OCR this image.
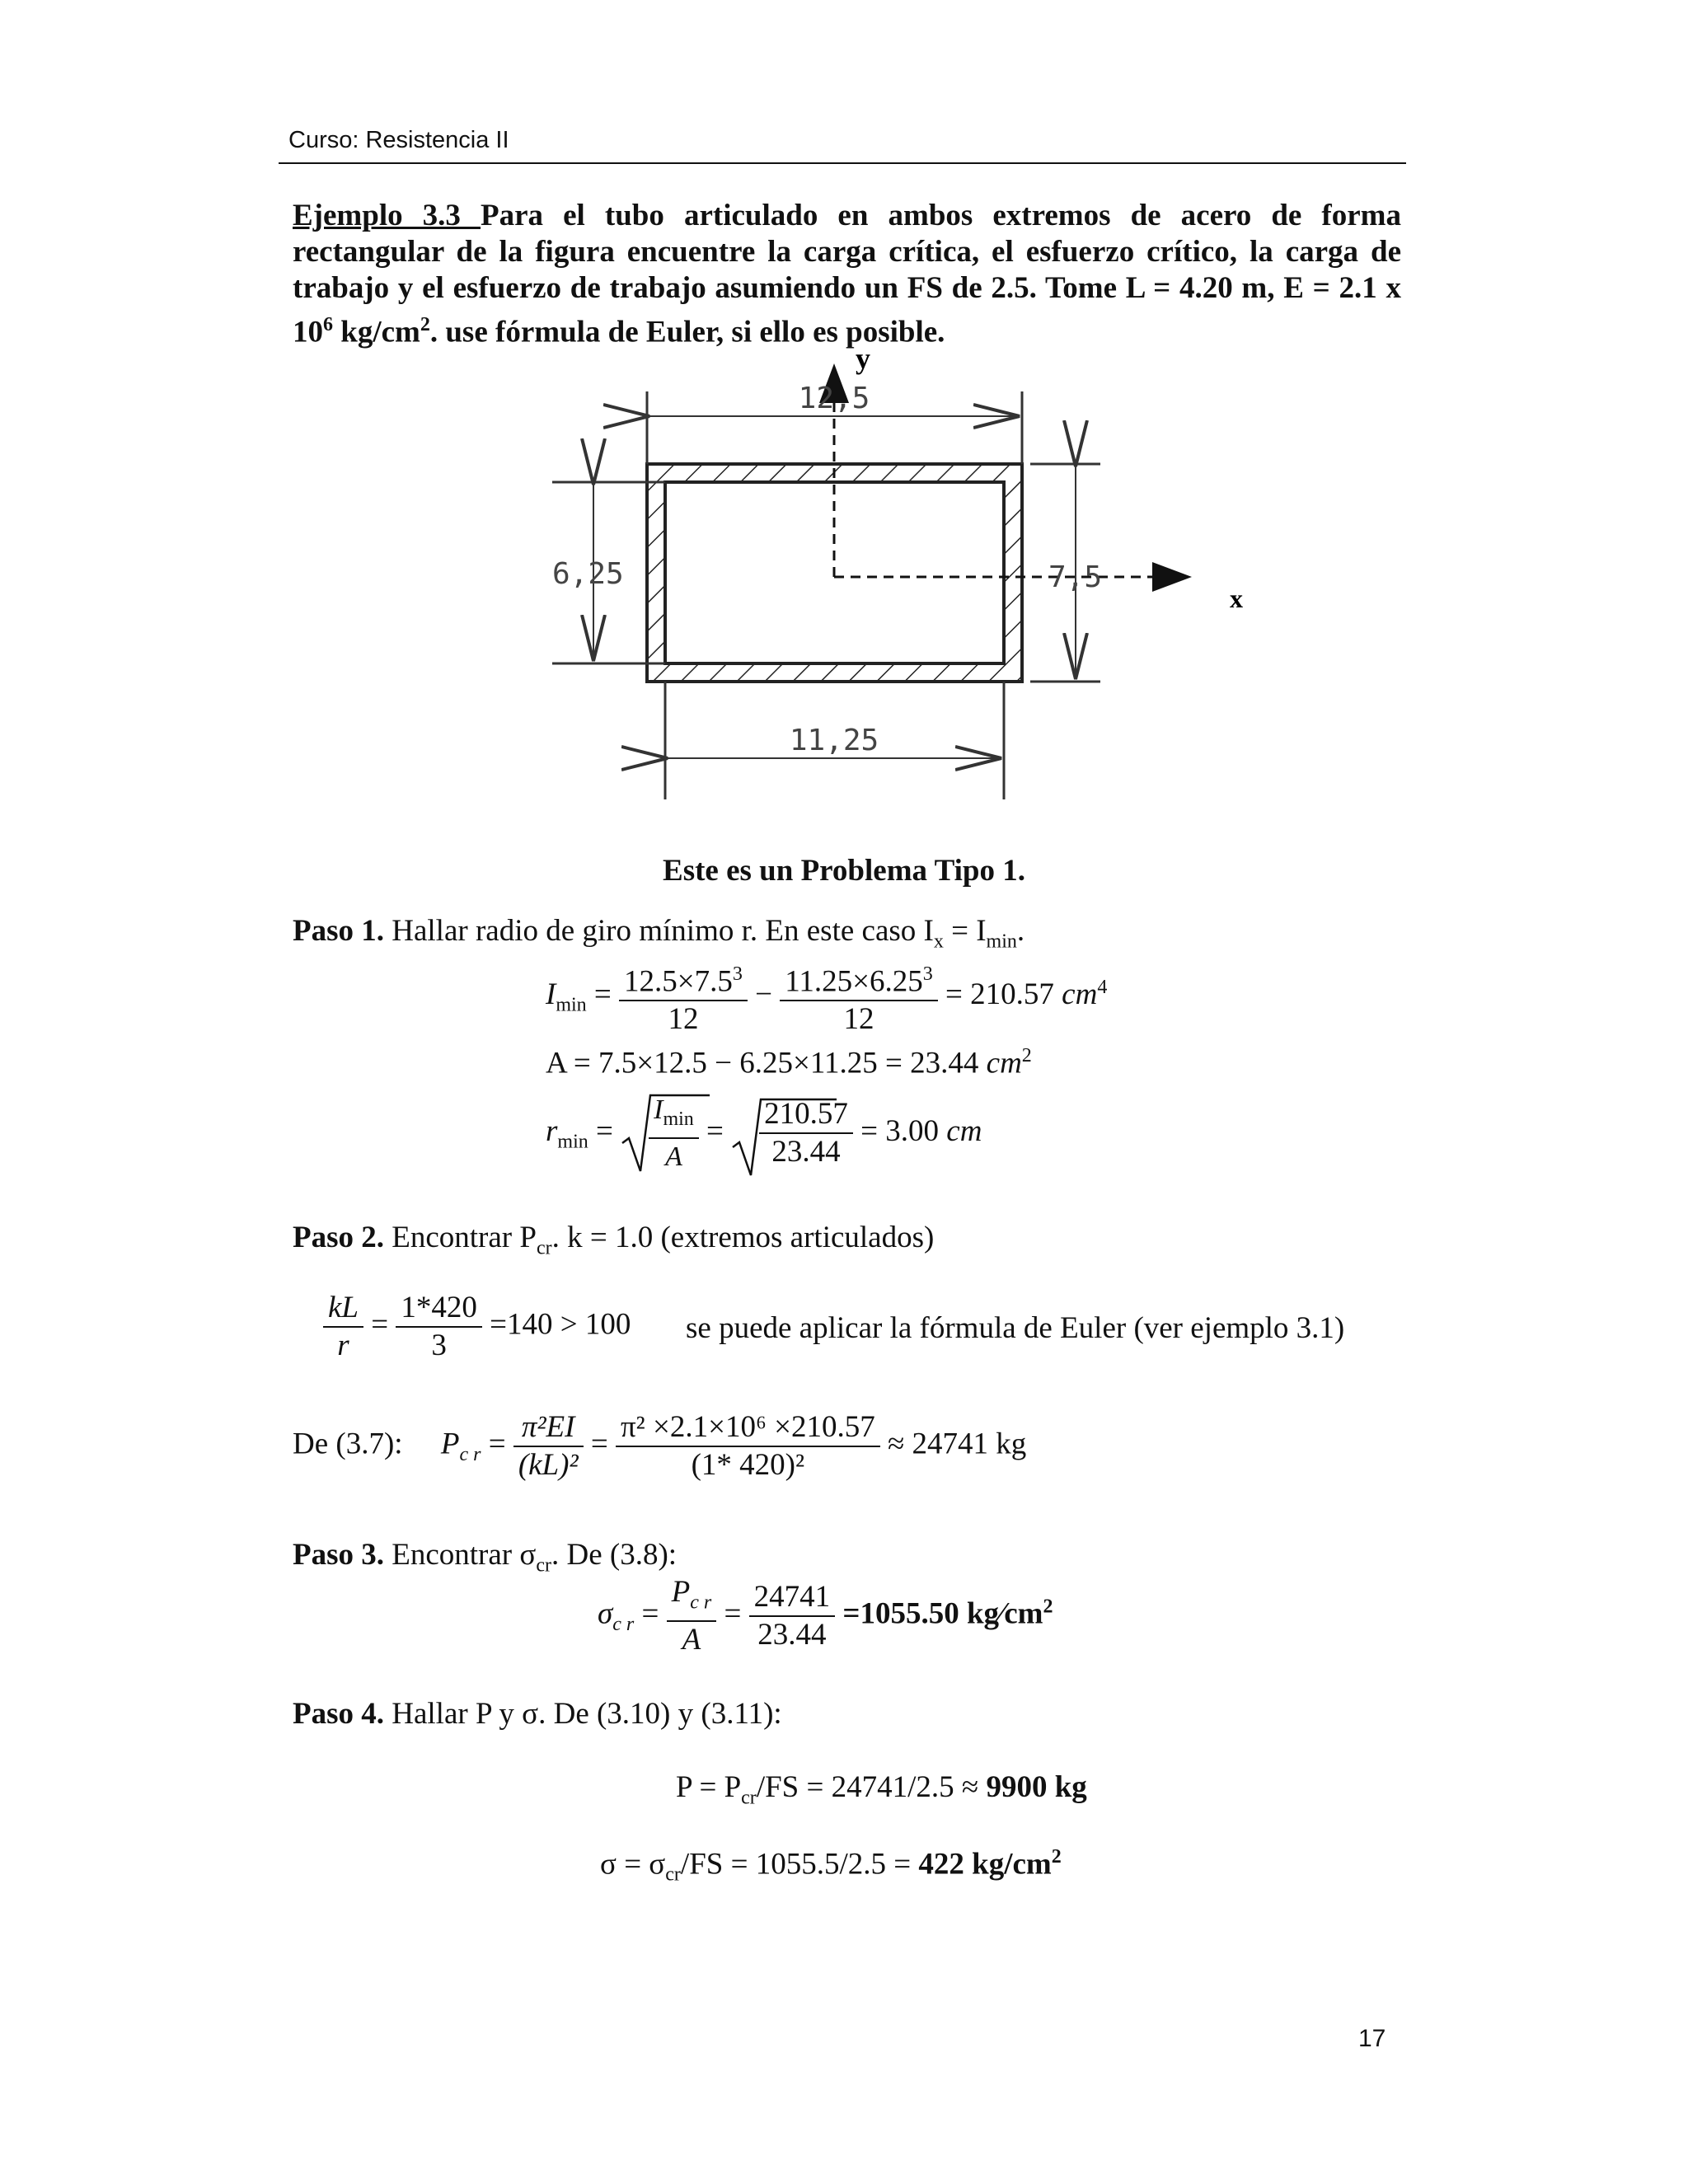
Curso: Resistencia II
Ejemplo 3.3 Para el tubo articulado en ambos extremos de acero de forma rectangular de la figura encuentre la carga crítica, el esfuerzo crítico, la carga de trabajo y el esfuerzo de trabajo asumiendo un FS de 2.5. Tome L = 4.20 m, E = 2.1 x $10^6$ $kg/cm^2$. use fórmula de Euler, si ello es posible.
y
x
12,5
6,25	7,5
11,25
Este es un Problema Tipo 1.
Paso 1. Hallar radio de giro mínimo r. En este caso $I_x = I_{min}$.
$I_{min} = \frac{12.5\times 7.5^3}{12} - \frac{11.25\times 6.25^3}{12} = 210.57$ $cm^4$
A = 7.5×12.5 − 6.25×11.25 = 23.44 $cm^2$
$r_{min} = \frac{I_{min}}{A} = \frac{210.57}{23.44} = 3.00$ cm
Paso 2. Encontrar $P_{cr}$. k = 1.0 (extremos articulados)
$\frac{kL}{r} = \frac{1*420}{3} =140 > 100$ se puede aplicar la fórmula de Euler (ver ejemplo 3.1)
De (3.7): $P_{c r} = \frac{\text{π²EI}}{\text{(kL)²}} = \frac{\text{π² ×2.1×10⁶ ×210.57}}{\text{(1* 420)²}} \approx 24741$ kg
Paso 3. Encontrar $\sigma_{cr}$. De (3.8):
$\sigma_{c r} = \frac{P_{c r}}{A} = \frac{24741}{23.44} =1055.50$ $kg⁄cm^2$
Paso 4. Hallar P y σ. De (3.10) y (3.11):
$P = P_{cr}/FS = 24741/2.5 \approx 9900$ kg
$\sigma = \sigma_{cr}/FS = 1055.5/2.5 = 422$ $kg/cm^2$
17
